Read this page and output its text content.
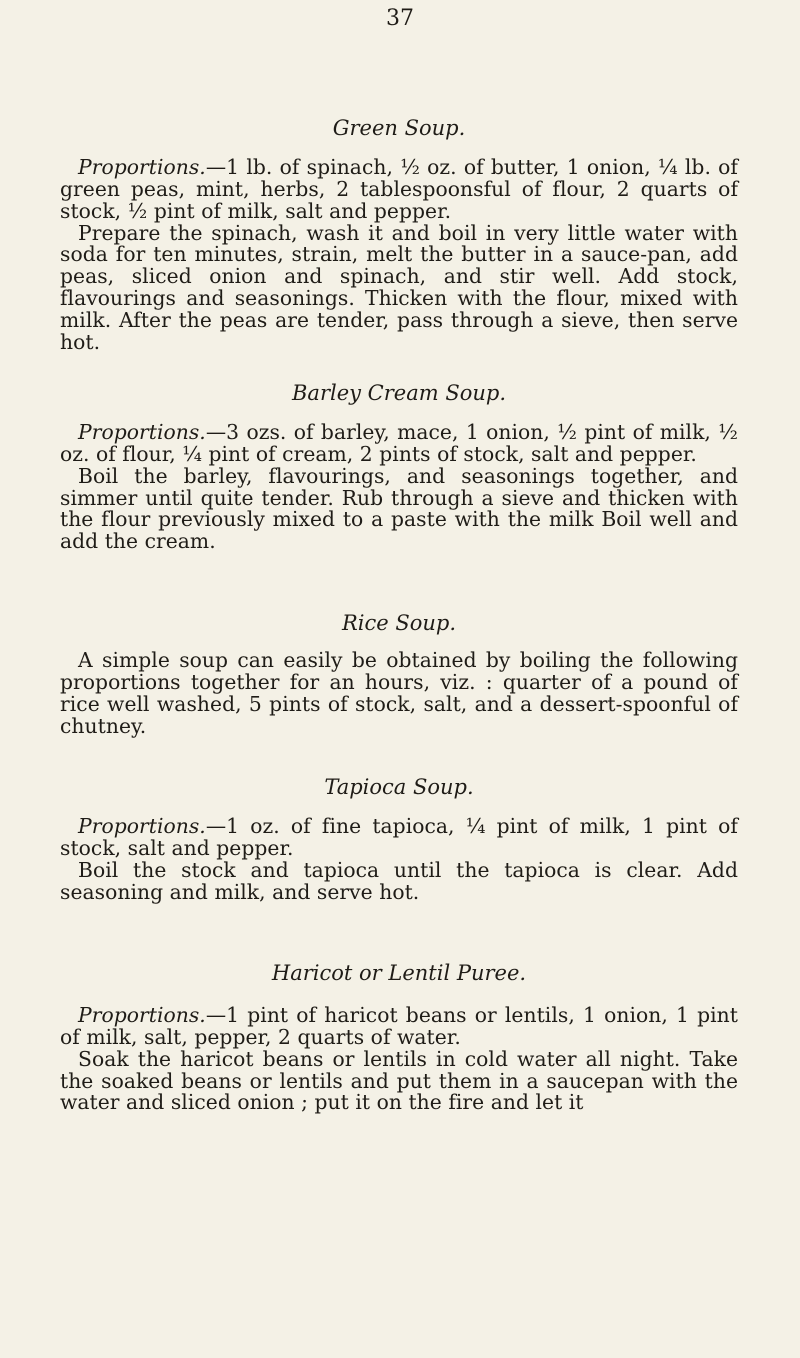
37
Green Soup.

Proportions.—1 lb. of spinach, ½ oz. of butter, 1 onion, ¼ lb. of green peas, mint, herbs, 2 tablespoonsful of flour, 2 quarts of stock, ½ pint of milk, salt and pepper.

Prepare the spinach, wash it and boil in very little water with soda for ten minutes, strain, melt the butter in a sauce-pan, add peas, sliced onion and spinach, and stir well. Add stock, flavourings and seasonings. Thicken with the flour, mixed with milk. After the peas are tender, pass through a sieve, then serve hot.

Barley Cream Soup.

Proportions.—3 ozs. of barley, mace, 1 onion, ½ pint of milk, ½ oz. of flour, ¼ pint of cream, 2 pints of stock, salt and pepper.

Boil the barley, flavourings, and seasonings together, and simmer until quite tender. Rub through a sieve and thicken with the flour previously mixed to a paste with the milk Boil well and add the cream.

Rice Soup.

A simple soup can easily be obtained by boiling the following proportions together for an hours, viz. : quarter of a pound of rice well washed, 5 pints of stock, salt, and a dessert-spoonful of chutney.

Tapioca Soup.

Proportions.—1 oz. of fine tapioca, ¼ pint of milk, 1 pint of stock, salt and pepper.

Boil the stock and tapioca until the tapioca is clear. Add seasoning and milk, and serve hot.

Haricot or Lentil Puree.

Proportions.—1 pint of haricot beans or lentils, 1 onion, 1 pint of milk, salt, pepper, 2 quarts of water.

Soak the haricot beans or lentils in cold water all night. Take the soaked beans or lentils and put them in a saucepan with the water and sliced onion ; put it on the fire and let it
